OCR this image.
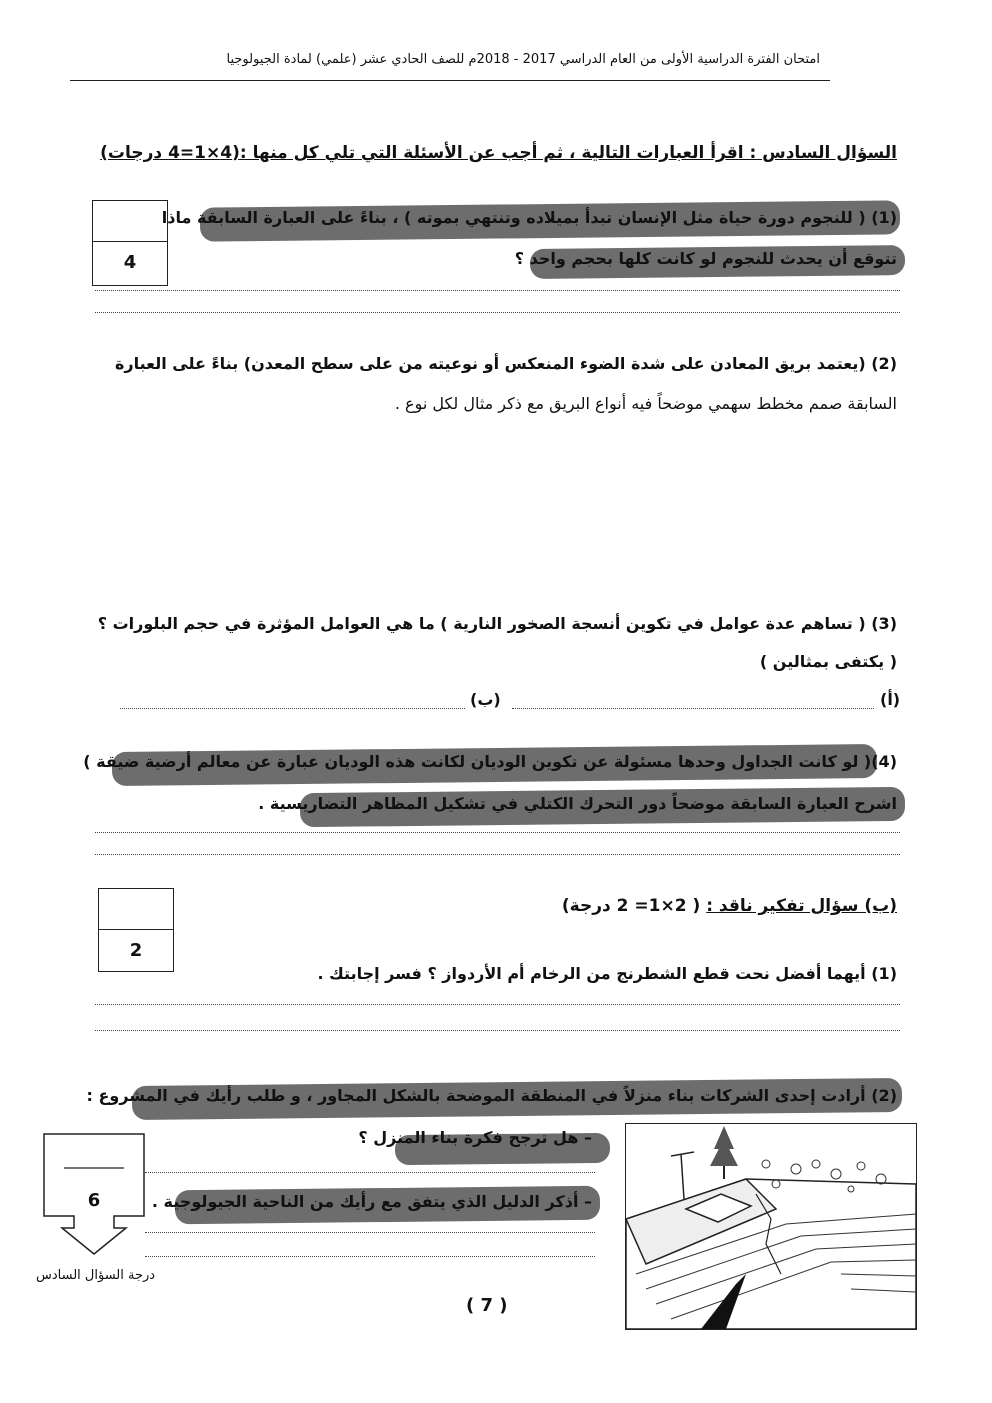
امتحان الفترة الدراسية الأولى من العام الدراسي 2017 - 2018م للصف الحادي عشر (علمي) لمادة الجيولوجيا
السؤال السادس : اقرأ العبارات التالية ، ثم أجب عن الأسئلة التي تلي كل منها :(4×1=4 درجات)
4
(1) ( للنجوم دورة حياة مثل الإنسان تبدأ بميلاده وتنتهي بموته ) ، بناءً على العبارة السابقة ماذا
تتوقع أن يحدث للنجوم لو كانت كلها بحجم واحد ؟
(2) (يعتمد بريق المعادن على شدة الضوء المنعكس أو نوعيته من على سطح المعدن) بناءً على العبارة
السابقة صمم مخطط سهمي موضحاً فيه أنواع البريق مع ذكر مثال لكل نوع .
(3) ( تساهم عدة عوامل في تكوين أنسجة الصخور النارية ) ما هي العوامل المؤثرة في حجم البلورات ؟
( يكتفى بمثالين )
(أ)
(ب)
(4)( لو كانت الجداول وحدها مسئولة عن تكوين الوديان لكانت هذه الوديان عبارة عن معالم أرضية ضيقة )
اشرح العبارة السابقة موضحاً دور التحرك الكتلي في تشكيل المظاهر التضاريسية .
2
(ب) سؤال تفكير ناقد : ( 2×1= 2 درجة)
(1) أيهما أفضل نحت قطع الشطرنج من الرخام أم الأردواز ؟ فسر إجابتك .
(2) أرادت إحدى الشركات بناء منزلاً في المنطقة الموضحة بالشكل المجاور ، و طلب رأيك في المشروع :
– هل ترجح فكرة بناء المنزل ؟
– أذكر الدليل الذي يتفق مع رأيك من الناحية الجيولوجية .
6
درجة السؤال السادس
( 7 )
